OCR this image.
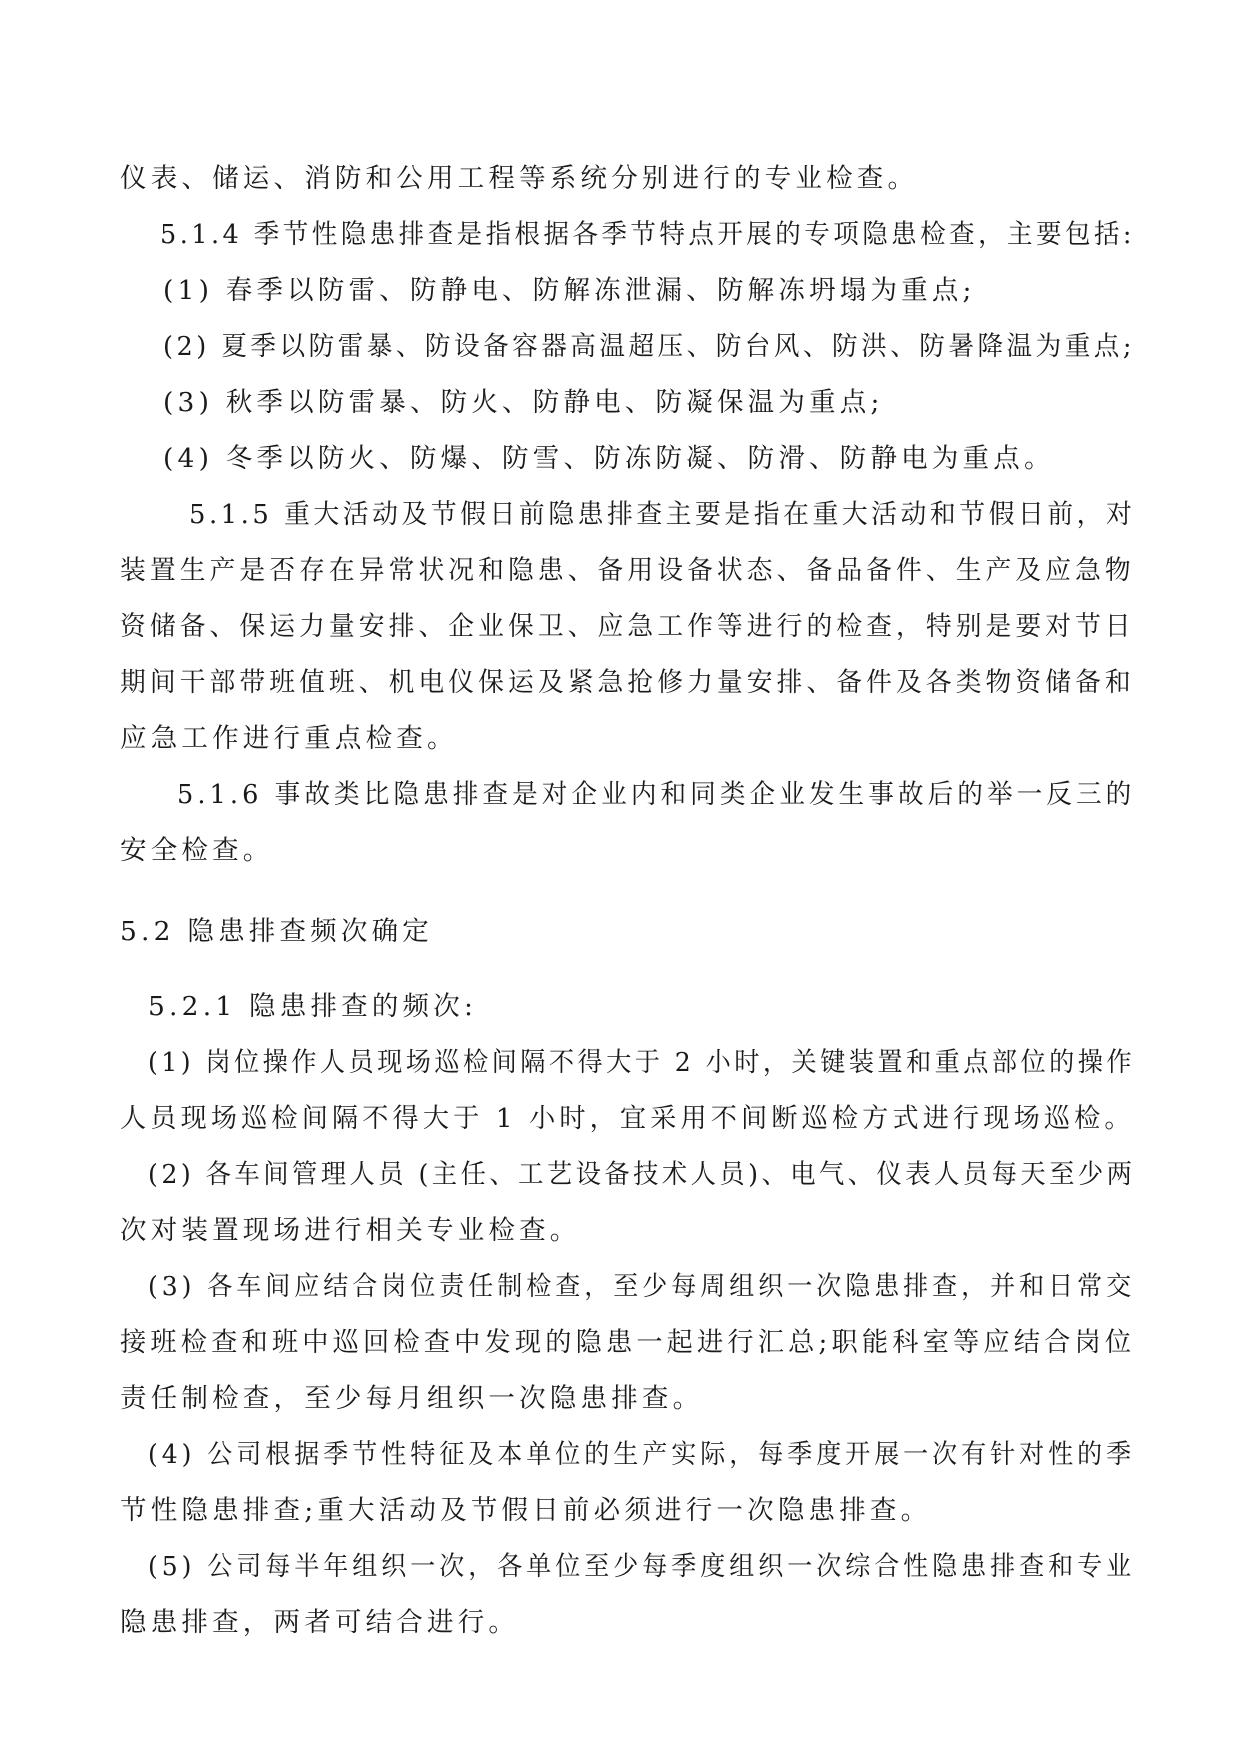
仪表、储运、消防和公用工程等系统分别进行的专业检查。
5.1.4 季节性隐患排查是指根据各季节特点开展的专项隐患检查，主要包括:
(1) 春季以防雷、防静电、防解冻泄漏、防解冻坍塌为重点;
(2) 夏季以防雷暴、防设备容器高温超压、防台风、防洪、防暑降温为重点;
(3) 秋季以防雷暴、防火、防静电、防凝保温为重点;
(4) 冬季以防火、防爆、防雪、防冻防凝、防滑、防静电为重点。
5.1.5 重大活动及节假日前隐患排查主要是指在重大活动和节假日前，对
装置生产是否存在异常状况和隐患、备用设备状态、备品备件、生产及应急物
资储备、保运力量安排、企业保卫、应急工作等进行的检查，特别是要对节日
期间干部带班值班、机电仪保运及紧急抢修力量安排、备件及各类物资储备和
应急工作进行重点检查。
5.1.6 事故类比隐患排查是对企业内和同类企业发生事故后的举一反三的
安全检查。
5.2 隐患排查频次确定
5.2.1 隐患排查的频次:
(1) 岗位操作人员现场巡检间隔不得大于 2 小时，关键装置和重点部位的操作
人员现场巡检间隔不得大于 1 小时，宜采用不间断巡检方式进行现场巡检。
(2) 各车间管理人员 (主任、工艺设备技术人员)、电气、仪表人员每天至少两
次对装置现场进行相关专业检查。
(3) 各车间应结合岗位责任制检查，至少每周组织一次隐患排查，并和日常交
接班检查和班中巡回检查中发现的隐患一起进行汇总;职能科室等应结合岗位
责任制检查，至少每月组织一次隐患排查。
(4) 公司根据季节性特征及本单位的生产实际，每季度开展一次有针对性的季
节性隐患排查;重大活动及节假日前必须进行一次隐患排查。
(5) 公司每半年组织一次，各单位至少每季度组织一次综合性隐患排查和专业
隐患排查，两者可结合进行。
